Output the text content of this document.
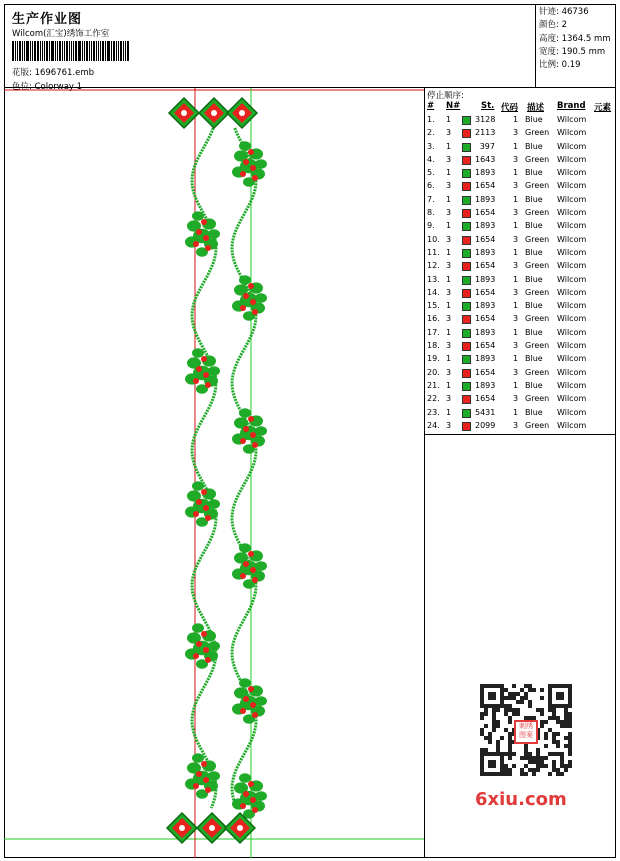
生产作业图
Wilcom(汇宝)绣饰工作室
花版: 1696761.emb
色位: Colorway 1
针迹: 46736
颜色: 2
高度: 1364.5 mm
宽度: 190.5 mm
比例: 0.19
停止顺序:
# N# St. 代码 描述 Brand 元素
1. 1	3128 1 Blue Wilcom
2. 3	2113 3 Green Wilcom
3. 1	397 1 Blue Wilcom
4. 3	1643 3 Green Wilcom
5. 1	1893 1 Blue Wilcom
6. 3	1654 3 Green Wilcom
7. 1	1893 1 Blue Wilcom
8. 3	1654 3 Green Wilcom
9. 1	1893 1 Blue Wilcom
10. 3	1654 3 Green Wilcom
11. 1	1893 1 Blue Wilcom
12. 3	1654 3 Green Wilcom
13. 1	1893 1 Blue Wilcom
14. 3	1654 3 Green Wilcom
15. 1	1893 1 Blue Wilcom
16. 3	1654 3 Green Wilcom
17. 1	1893 1 Blue Wilcom
18. 3	1654 3 Green Wilcom
19. 1	1893 1 Blue Wilcom
20. 3	1654 3 Green Wilcom
21. 1	1893 1 Blue Wilcom
22. 3	1654 3 Green Wilcom
23. 1	5431 1 Blue Wilcom
24. 3	2099 3 Green Wilcom
刺绣图案
6xiu.com
